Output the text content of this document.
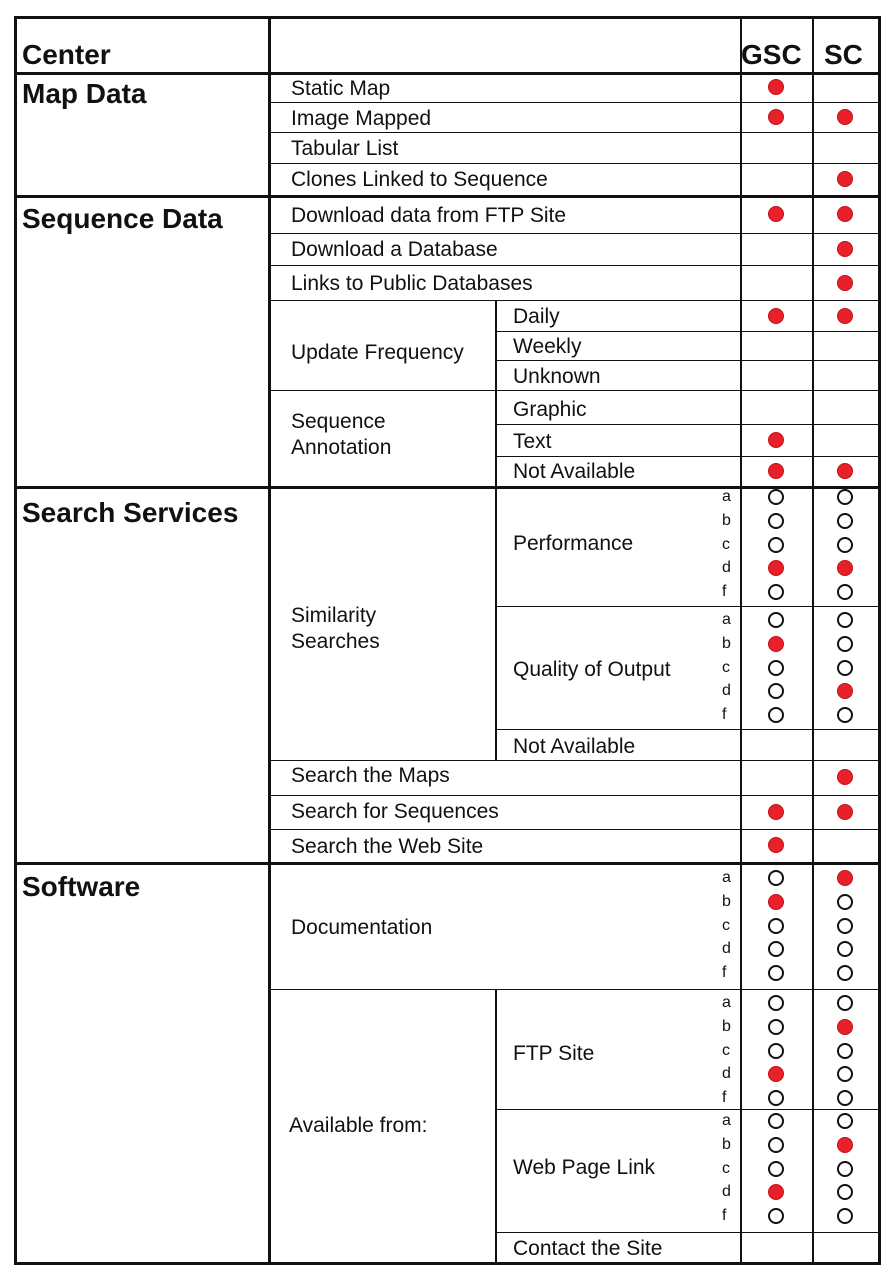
Center	GSC SC
Map Data
Sequence Data
Search Services
Software
Static Map
Image Mapped
Tabular List
Clones Linked to Sequence
Download data from FTP Site
Download a Database
Links to Public Databases
Daily
Weekly
Unknown
Graphic
Text
Not Available
Not Available
Search the Maps
Search for Sequences
Search the Web Site
Contact the Site
Update Frequency
Sequence
Annotation
Similarity
Searches
Available from:
Performance
a
b
c
d
f
Quality of Output
a
b
c
d
f
Documentation
a
b
c
d
f
FTP Site
a
b
c
d
f
Web Page Link
a
b
c
d
f
